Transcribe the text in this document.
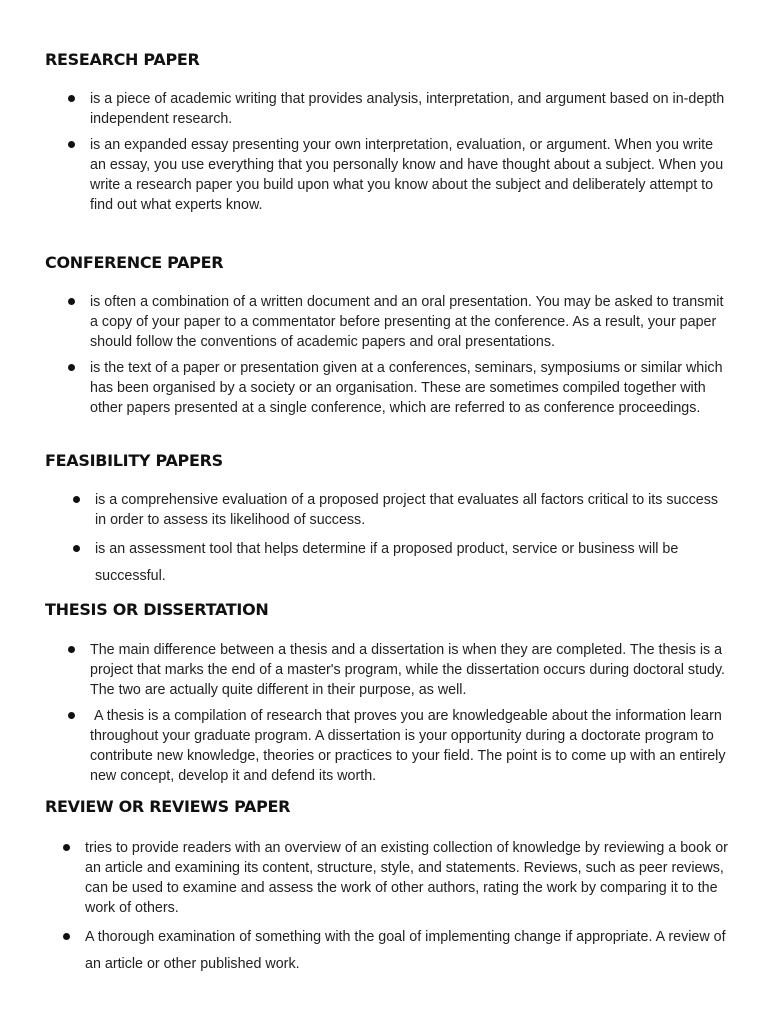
RESEARCH PAPER
is a piece of academic writing that provides analysis, interpretation, and argument based on in-depth independent research.
is an expanded essay presenting your own interpretation, evaluation, or argument. When you write an essay, you use everything that you personally know and have thought about a subject. When you write a research paper you build upon what you know about the subject and deliberately attempt to find out what experts know.
CONFERENCE PAPER
is often a combination of a written document and an oral presentation. You may be asked to transmit a copy of your paper to a commentator before presenting at the conference. As a result, your paper should follow the conventions of academic papers and oral presentations.
is the text of a paper or presentation given at a conferences, seminars, symposiums or similar which has been organised by a society or an organisation. These are sometimes compiled together with other papers presented at a single conference, which are referred to as conference proceedings.
FEASIBILITY PAPERS
is a comprehensive evaluation of a proposed project that evaluates all factors critical to its success in order to assess its likelihood of success.
is an assessment tool that helps determine if a proposed product, service or business will be successful.
THESIS OR DISSERTATION
The main difference between a thesis and a dissertation is when they are completed. The thesis is a project that marks the end of a master's program, while the dissertation occurs during doctoral study. The two are actually quite different in their purpose, as well.
A thesis is a compilation of research that proves you are knowledgeable about the information learn throughout your graduate program. A dissertation is your opportunity during a doctorate program to contribute new knowledge, theories or practices to your field. The point is to come up with an entirely new concept, develop it and defend its worth.
REVIEW OR REVIEWS PAPER
tries to provide readers with an overview of an existing collection of knowledge by reviewing a book or an article and examining its content, structure, style, and statements. Reviews, such as peer reviews, can be used to examine and assess the work of other authors, rating the work by comparing it to the work of others.
A thorough examination of something with the goal of implementing change if appropriate. A review of an article or other published work.
